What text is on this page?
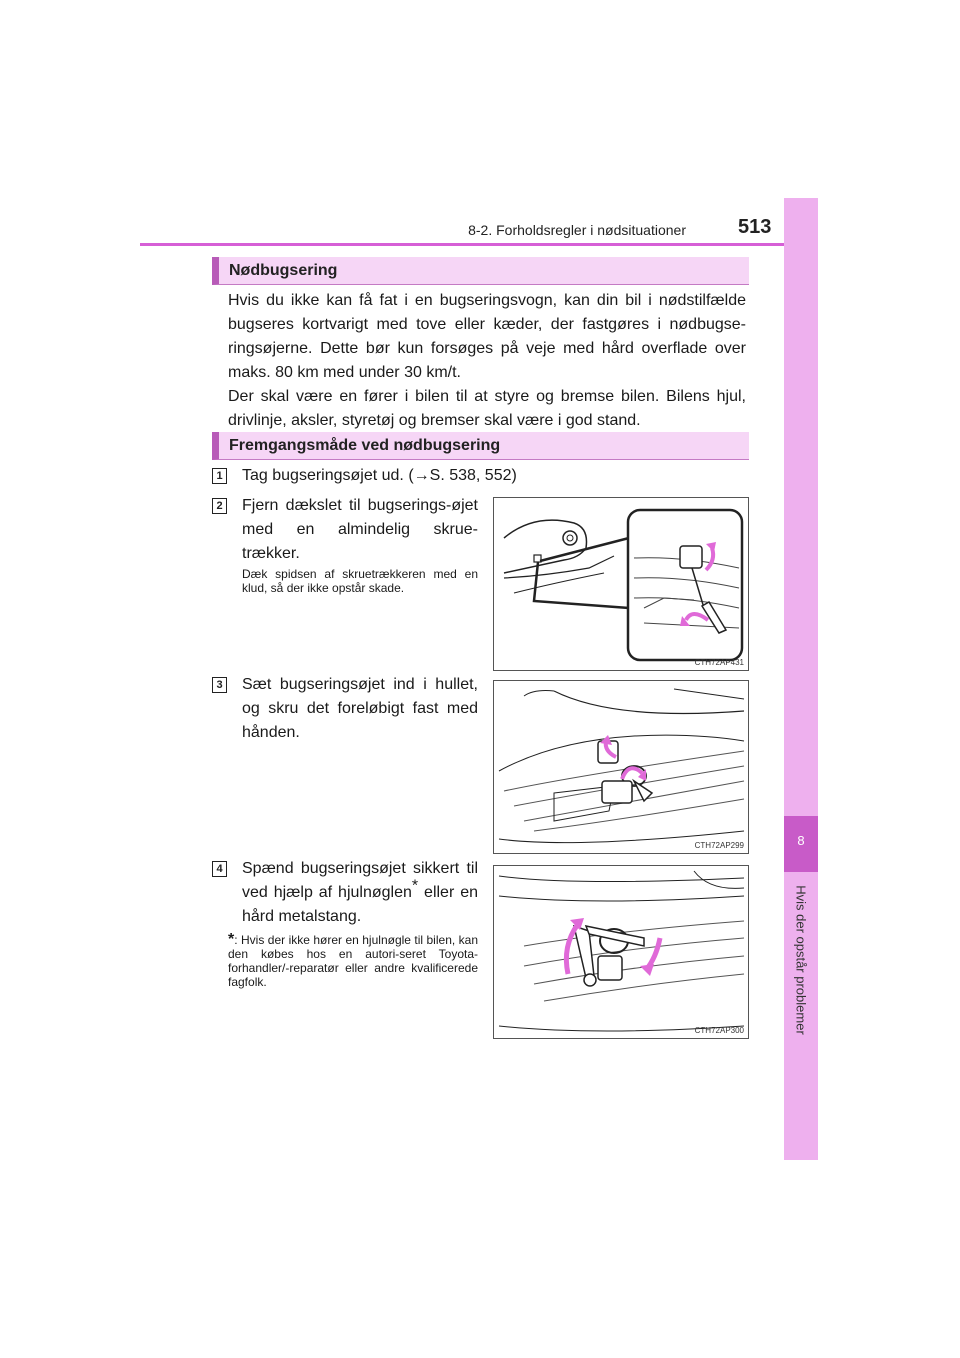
8-2. Forholdsregler i nødsituationer	513
8
Hvis der opstår problemer
Nødbugsering

Hvis du ikke kan få fat i en bugseringsvogn, kan din bil i nødstilfælde bugseres kortvarigt med tove eller kæder, der fastgøres i nødbugse-ringsøjerne. Dette bør kun forsøges på veje med hård overflade over maks. 80 km med under 30 km/t.

Der skal være en fører i bilen til at styre og bremse bilen. Bilens hjul, drivlinje, aksler, styretøj og bremser skal være i god stand.

Fremgangsmåde ved nødbugsering
1 Tag bugseringsøjet ud. (→S. 538, 552)
2 Fjern dækslet til bugserings-øjet med en almindelig skrue-trækker.
Dæk spidsen af skruetrækkeren med en klud, så der ikke opstår skade.
CTH72AP431
3 Sæt bugseringsøjet ind i hullet, og skru det foreløbigt fast med hånden.
CTH72AP299
4 Spænd bugseringsøjet sikkert til ved hjælp af hjulnøglen* eller en hård metalstang.
*: Hvis der ikke hører en hjulnøgle til bilen, kan den købes hos en autori-seret Toyota-forhandler/-reparatør eller andre kvalificerede fagfolk.
CTH72AP300
